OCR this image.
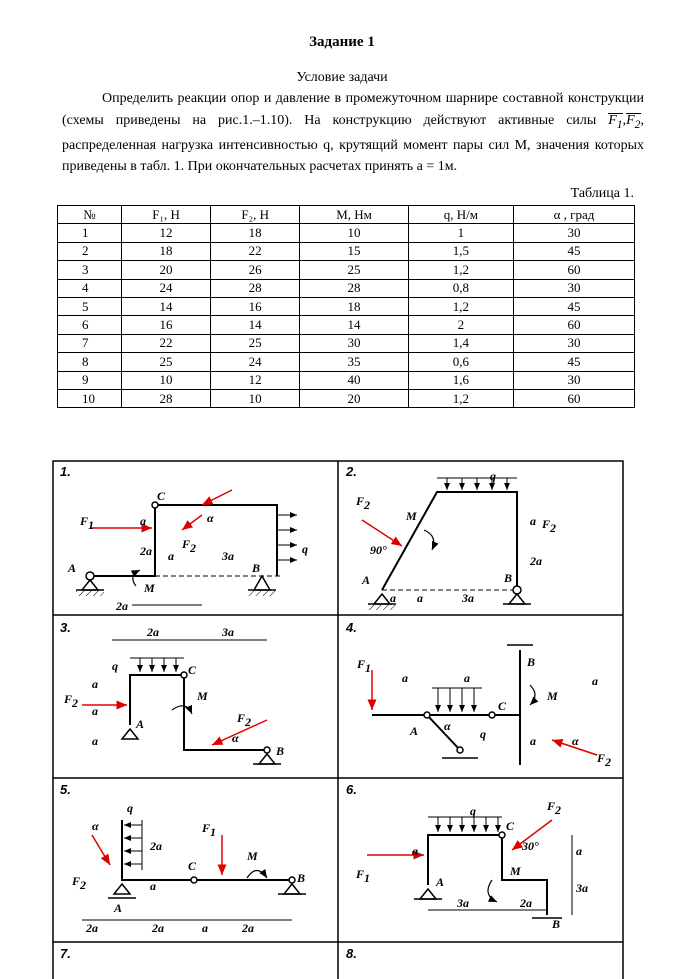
Задание 1
Условие задачи
Определить реакции опор и давление в промежуточном шарнире составной конструкции (схемы приведены на рис.1.–1.10). На конструкцию действуют активные силы $F_1,F_2$, распределенная нагрузка интенсивностью q, крутящий момент пары сил M, значения которых приведены в табл. 1. При окончательных расчетах принять a = 1м.
Таблица 1.
№	F₁, Н	F₂, Н	М, Нм	q, Н/м	α , град
1	12	18	10	1	30
2	18	22	15	1,5	45
3	20	26	25	1,2	60
4	24	28	28	0,8	30
5	14	16	18	1,2	45
6	16	14	14	2	60
7	22	25	30	1,4	30
8	25	24	35	0,6	45
9	10	12	40	1,6	30
10	28	10	20	1,2	60
1.	2.
3.	4.
5.	6.
7.	8.
C
F 1	a
2a	F 2
α
a	3a	q
A	B
M
2a
q
F 2
M
90°
a F 2
2a
A	B
a a	3a
2a	3a
q	C
a
F 2
a
M
A	F 2
a	α
B
F 1
a	a
B
a
M
C
A α
q	a	α
F 2
q
α
2a
F 1
M
C
F 2	a
A
B
2a	2a	a	2a
q
C
F 2
30°
a	a
F 1	M
A	3a
3a	2a
B
